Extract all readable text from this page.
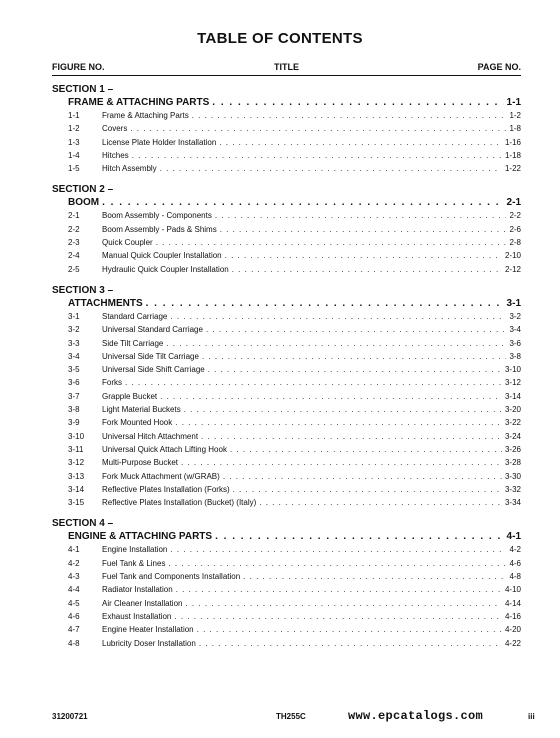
TABLE OF CONTENTS
FIGURE NO.	TITLE	PAGE NO.
SECTION 1 –
FRAME & ATTACHING PARTS . . .	1-1
1-1	Frame & Attaching Parts . . .	1-2
1-2	Covers . . .	1-8
1-3	License Plate Holder Installation . . .	1-16
1-4	Hitches . . .	1-18
1-5	Hitch Assembly . . .	1-22
SECTION 2 –
BOOM . . .	2-1
2-1	Boom Assembly - Components . . .	2-2
2-2	Boom Assembly - Pads & Shims . . .	2-6
2-3	Quick Coupler . . .	2-8
2-4	Manual Quick Coupler Installation . . .	2-10
2-5	Hydraulic Quick Coupler Installation . . .	2-12
SECTION 3 –
ATTACHMENTS . . .	3-1
3-1	Standard Carriage . . .	3-2
3-2	Universal Standard Carriage . . .	3-4
3-3	Side Tilt Carriage . . .	3-6
3-4	Universal Side Tilt Carriage . . .	3-8
3-5	Universal Side Shift Carriage . . .	3-10
3-6	Forks . . .	3-12
3-7	Grapple Bucket . . .	3-14
3-8	Light Material Buckets . . .	3-20
3-9	Fork Mounted Hook . . .	3-22
3-10	Universal Hitch Attachment . . .	3-24
3-11	Universal Quick Attach Lifting Hook . . .	3-26
3-12	Multi-Purpose Bucket . . .	3-28
3-13	Fork Muck Attachment (w/GRAB) . . .	3-30
3-14	Reflective Plates Installation (Forks) . . .	3-32
3-15	Reflective Plates Installation (Bucket) (Italy) . . .	3-34
SECTION 4 –
ENGINE & ATTACHING PARTS . . .	4-1
4-1	Engine Installation . . .	4-2
4-2	Fuel Tank & Lines . . .	4-6
4-3	Fuel Tank and Components Installation . . .	4-8
4-4	Radiator Installation . . .	4-10
4-5	Air Cleaner Installation . . .	4-14
4-6	Exhaust Installation . . .	4-16
4-7	Engine Heater Installation . . .	4-20
4-8	Lubricity Doser Installation . . .	4-22
31200721	TH255C	www.epcatalogs.com	iii
